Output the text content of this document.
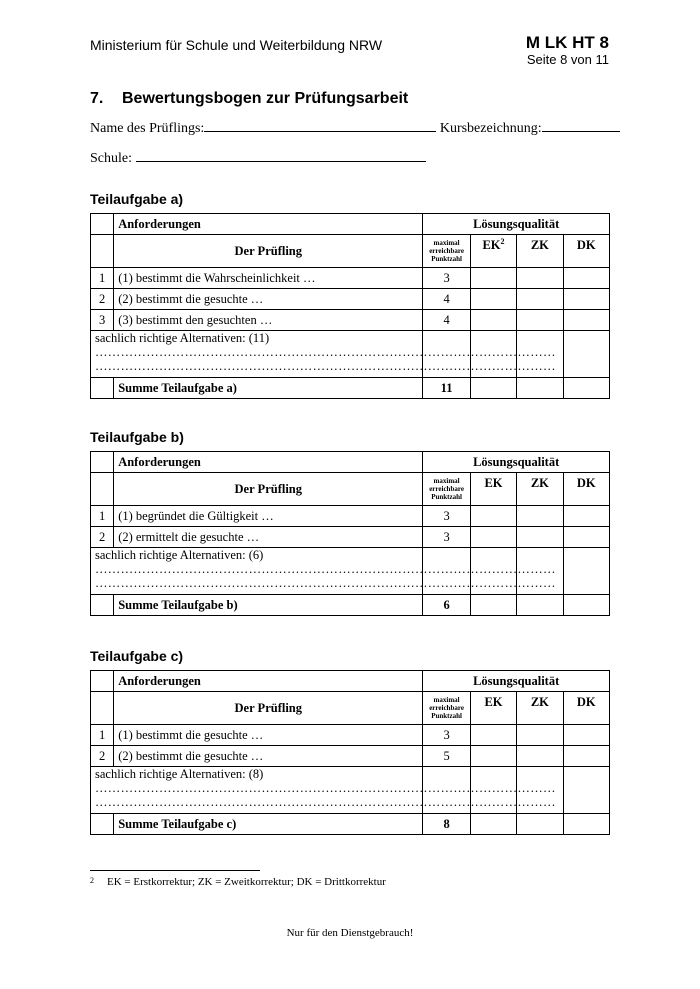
Ministerium für Schule und Weiterbildung NRW	M LK HT 8
Seite 8 von 11
7. Bewertungsbogen zur Prüfungsarbeit
Name des Prüflings:	Kursbezeichnung:
Schule:
Teilaufgabe a)
	Anforderungen	Lösungsqualität			
	Der Prüfling	maximal
erreichbare
Punktzahl	$EK^2$	ZK	DK
1	(1) bestimmt die Wahrscheinlichkeit …	3			
2	(2) bestimmt die gesuchte …	4			
3	(3) bestimmt den gesuchten …	4			
sachlich richtige Alternativen: (11)
………………………………………………………………………………………………
………………………………………………………………………………………………					

	Summe Teilaufgabe a)	11			
Teilaufgabe b)
	Anforderungen	Lösungsqualität			
	Der Prüfling	maximal
erreichbare
Punktzahl	EK	ZK	DK
1	(1) begründet die Gültigkeit …	3			
2	(2) ermittelt die gesuchte …	3			
sachlich richtige Alternativen: (6)
………………………………………………………………………………………………
………………………………………………………………………………………………					

	Summe Teilaufgabe b)	6			
Teilaufgabe c)
	Anforderungen	Lösungsqualität			
	Der Prüfling	maximal
erreichbare
Punktzahl	EK	ZK	DK
1	(1) bestimmt die gesuchte …	3			
2	(2) bestimmt die gesuchte …	5			
sachlich richtige Alternativen: (8)
………………………………………………………………………………………………
………………………………………………………………………………………………					

	Summe Teilaufgabe c)	8			
2 EK = Erstkorrektur; ZK = Zweitkorrektur; DK = Drittkorrektur
Nur für den Dienstgebrauch!
